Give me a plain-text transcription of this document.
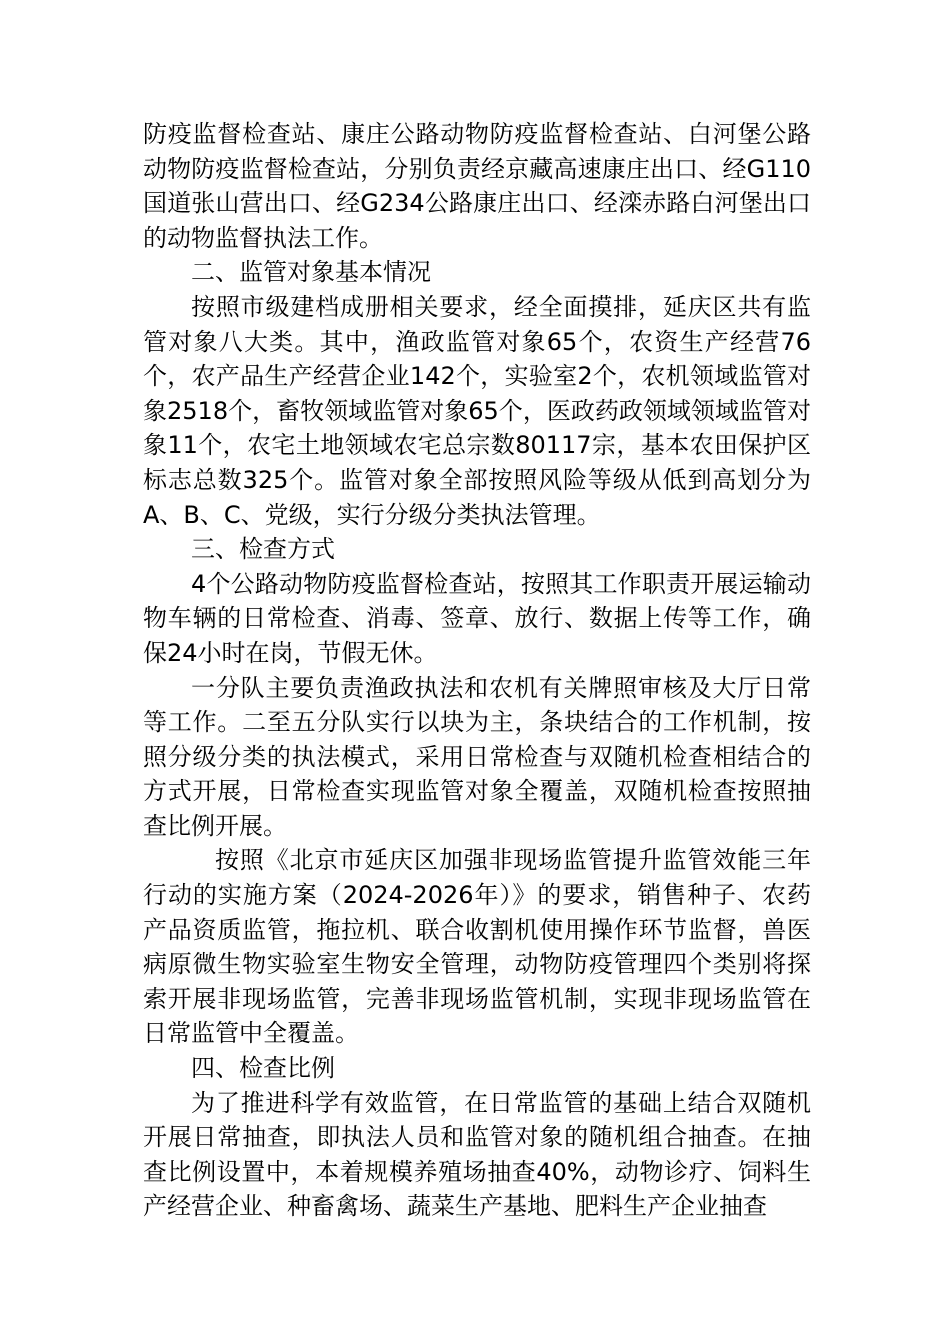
防疫监督检查站、康庄公路动物防疫监督检查站、白河堡公路动物防疫监督检查站，分别负责经京藏高速康庄出口、经G110国道张山营出口、经G234公路康庄出口、经滦赤路白河堡出口的动物监督执法工作。

二、监管对象基本情况

按照市级建档成册相关要求，经全面摸排，延庆区共有监管对象八大类。其中，渔政监管对象65个，农资生产经营76个，农产品生产经营企业142个，实验室2个，农机领域监管对象2518个，畜牧领域监管对象65个，医政药政领域领域监管对象11个，农宅土地领域农宅总宗数80117宗，基本农田保护区标志总数325个。监管对象全部按照风险等级从低到高划分为A、B、C、党级，实行分级分类执法管理。

三、检查方式

4个公路动物防疫监督检查站，按照其工作职责开展运输动物车辆的日常检查、消毒、签章、放行、数据上传等工作，确保24小时在岗，节假无休。

一分队主要负责渔政执法和农机有关牌照审核及大厅日常等工作。二至五分队实行以块为主，条块结合的工作机制，按照分级分类的执法模式，采用日常检查与双随机检查相结合的方式开展，日常检查实现监管对象全覆盖，双随机检查按照抽查比例开展。

按照《北京市延庆区加强非现场监管提升监管效能三年行动的实施方案（2024-2026年）》的要求，销售种子、农药产品资质监管，拖拉机、联合收割机使用操作环节监督，兽医病原微生物实验室生物安全管理，动物防疫管理四个类别将探索开展非现场监管，完善非现场监管机制，实现非现场监管在日常监管中全覆盖。

四、检查比例

为了推进科学有效监管，在日常监管的基础上结合双随机开展日常抽查，即执法人员和监管对象的随机组合抽查。在抽查比例设置中，本着规模养殖场抽查40%，动物诊疗、饲料生产经营企业、种畜禽场、蔬菜生产基地、肥料生产企业抽查
